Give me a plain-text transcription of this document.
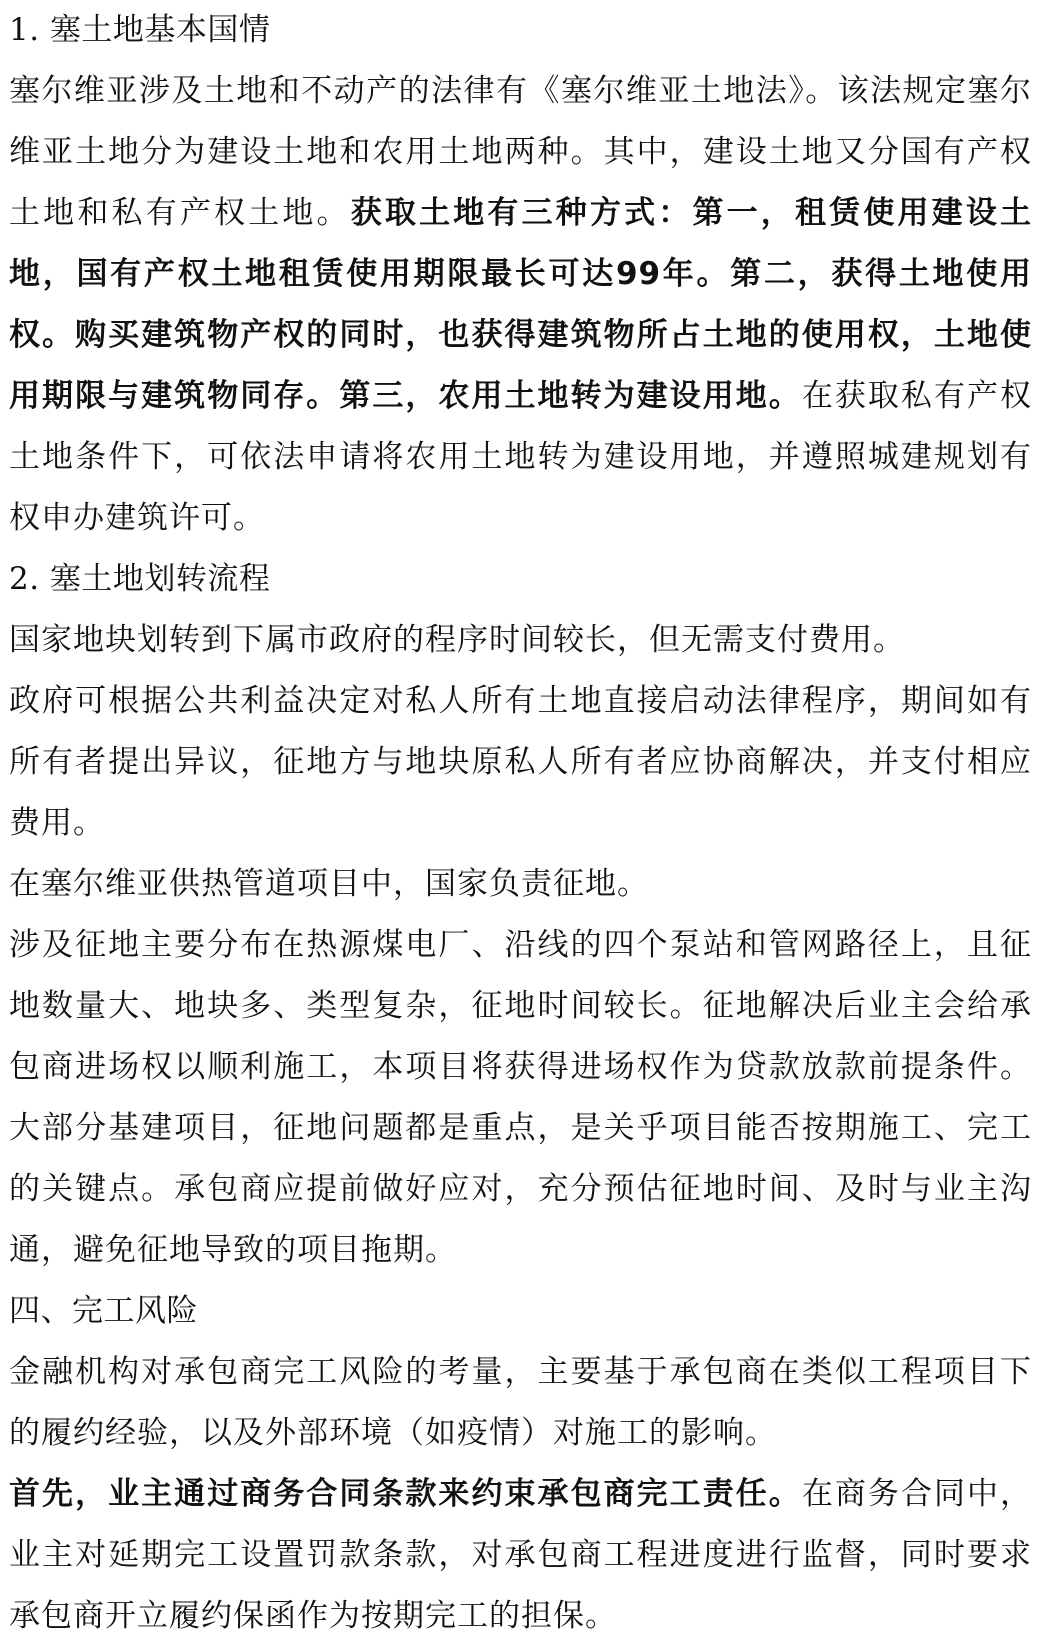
1. 塞土地基本国情

塞尔维亚涉及土地和不动产的法律有《塞尔维亚土地法》。该法规定塞尔维亚土地分为建设土地和农用土地两种。其中，建设土地又分国有产权土地和私有产权土地。获取土地有三种方式：第一，租赁使用建设土地，国有产权土地租赁使用期限最长可达99年。第二，获得土地使用权。购买建筑物产权的同时，也获得建筑物所占土地的使用权，土地使用期限与建筑物同存。第三，农用土地转为建设用地。在获取私有产权土地条件下，可依法申请将农用土地转为建设用地，并遵照城建规划有权申办建筑许可。

2. 塞土地划转流程

国家地块划转到下属市政府的程序时间较长，但无需支付费用。

政府可根据公共利益决定对私人所有土地直接启动法律程序，期间如有所有者提出异议，征地方与地块原私人所有者应协商解决，并支付相应费用。

在塞尔维亚供热管道项目中，国家负责征地。

涉及征地主要分布在热源煤电厂、沿线的四个泵站和管网路径上，且征地数量大、地块多、类型复杂，征地时间较长。征地解决后业主会给承包商进场权以顺利施工，本项目将获得进场权作为贷款放款前提条件。大部分基建项目，征地问题都是重点，是关乎项目能否按期施工、完工的关键点。承包商应提前做好应对，充分预估征地时间、及时与业主沟通，避免征地导致的项目拖期。

四、完工风险

金融机构对承包商完工风险的考量，主要基于承包商在类似工程项目下的履约经验，以及外部环境（如疫情）对施工的影响。

首先，业主通过商务合同条款来约束承包商完工责任。在商务合同中，业主对延期完工设置罚款条款，对承包商工程进度进行监督，同时要求承包商开立履约保函作为按期完工的担保。
